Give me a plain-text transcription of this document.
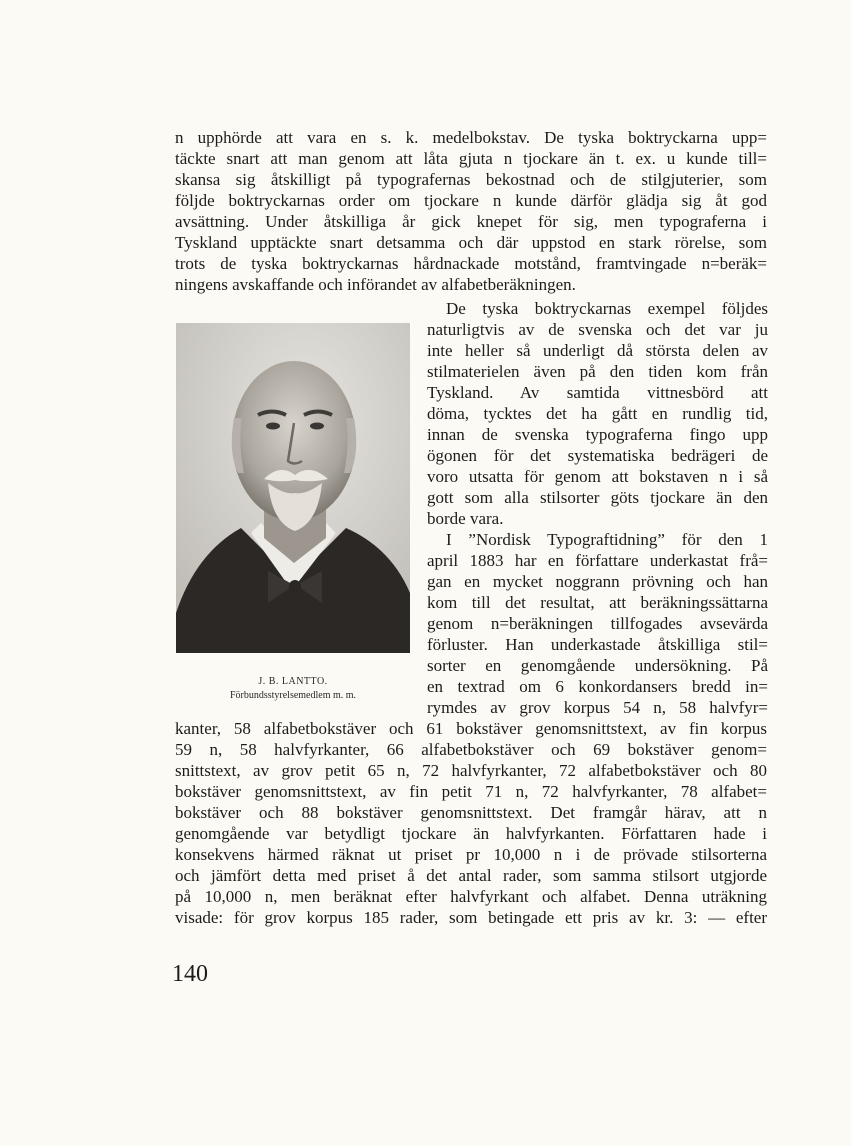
n upphörde att vara en s. k. medelbokstav. De tyska boktryckarna upp=
täckte snart att man genom att låta gjuta n tjockare än t. ex. u kunde till=
skansa sig åtskilligt på typografernas bekostnad och de stilgjuterier, som
följde boktryckarnas order om tjockare n kunde därför glädja sig åt god
avsättning. Under åtskilliga år gick knepet för sig, men typograferna i
Tyskland upptäckte snart detsamma och där uppstod en stark rörelse, som
trots de tyska boktryckarnas hårdnackade motstånd, framtvingade n=beräk=
ningens avskaffande och införandet av alfabetberäkningen.
J. B. LANTTO.
Förbundsstyrelsemedlem m. m.
De tyska boktryckarnas exempel följdes
naturligtvis av de svenska och det var ju
inte heller så underligt då största delen av
stilmaterielen även på den tiden kom från
Tyskland. Av samtida vittnesbörd att
döma, tycktes det ha gått en rundlig tid,
innan de svenska typograferna fingo upp
ögonen för det systematiska bedrägeri de
voro utsatta för genom att bokstaven n i så
gott som alla stilsorter göts tjockare än den
borde vara.
I ”Nordisk Typograftidning” för den 1
april 1883 har en författare underkastat frå=
gan en mycket noggrann prövning och han
kom till det resultat, att beräkningssättarna
genom n=beräkningen tillfogades avsevärda
förluster. Han underkastade åtskilliga stil=
sorter en genomgående undersökning. På
en textrad om 6 konkordansers bredd in=
rymdes av grov korpus 54 n, 58 halvfyr=
kanter, 58 alfabetbokstäver och 61 bokstäver genomsnittstext, av fin korpus
59 n, 58 halvfyrkanter, 66 alfabetbokstäver och 69 bokstäver genom=
snittstext, av grov petit 65 n, 72 halvfyrkanter, 72 alfabetbokstäver och 80
bokstäver genomsnittstext, av fin petit 71 n, 72 halvfyrkanter, 78 alfabet=
bokstäver och 88 bokstäver genomsnittstext. Det framgår härav, att n
genomgående var betydligt tjockare än halvfyrkanten. Författaren hade i
konsekvens härmed räknat ut priset pr 10,000 n i de prövade stilsorterna
och jämfört detta med priset å det antal rader, som samma stilsort utgjorde
på 10,000 n, men beräknat efter halvfyrkant och alfabet. Denna uträkning
visade: för grov korpus 185 rader, som betingade ett pris av kr. 3: — efter
140
